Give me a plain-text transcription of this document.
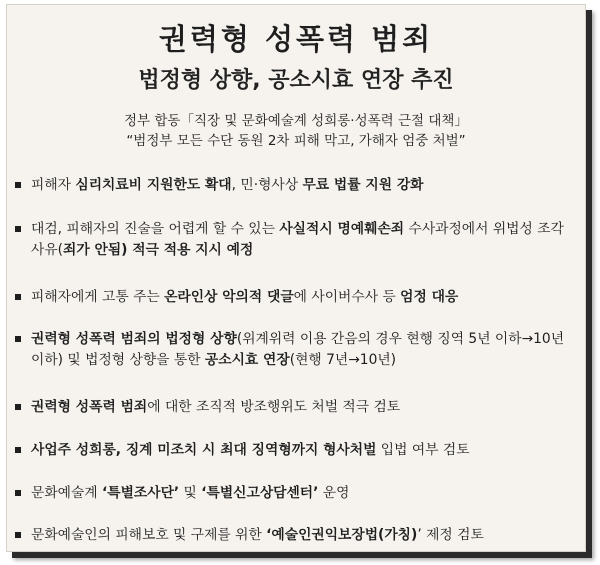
권력형 성폭력 범죄
법정형 상향, 공소시효 연장 추진
정부 합동「직장 및 문화예술계 성희롱·성폭력 근절 대책」
“범정부 모든 수단 동원 2차 피해 막고, 가해자 엄중 처벌”
피해자 심리치료비 지원한도 확대, 민·형사상 무료 법률 지원 강화
대검, 피해자의 진술을 어렵게 할 수 있는 사실적시 명예훼손죄 수사과정에서 위법성 조각사유(죄가 안됨) 적극 적용 지시 예정
피해자에게 고통 주는 온라인상 악의적 댓글에 사이버수사 등 엄정 대응
권력형 성폭력 범죄의 법정형 상향(위계위력 이용 간음의 경우 현행 징역 5년 이하→10년 이하) 및 법정형 상향을 통한 공소시효 연장(현행 7년→10년)
권력형 성폭력 범죄에 대한 조직적 방조행위도 처벌 적극 검토
사업주 성희롱, 징계 미조치 시 최대 징역형까지 형사처벌 입법 여부 검토
문화예술계 ‘특별조사단’ 및 ‘특별신고상담센터’ 운영
문화예술인의 피해보호 및 구제를 위한 ‘예술인권익보장법(가칭)’ 제정 검토
